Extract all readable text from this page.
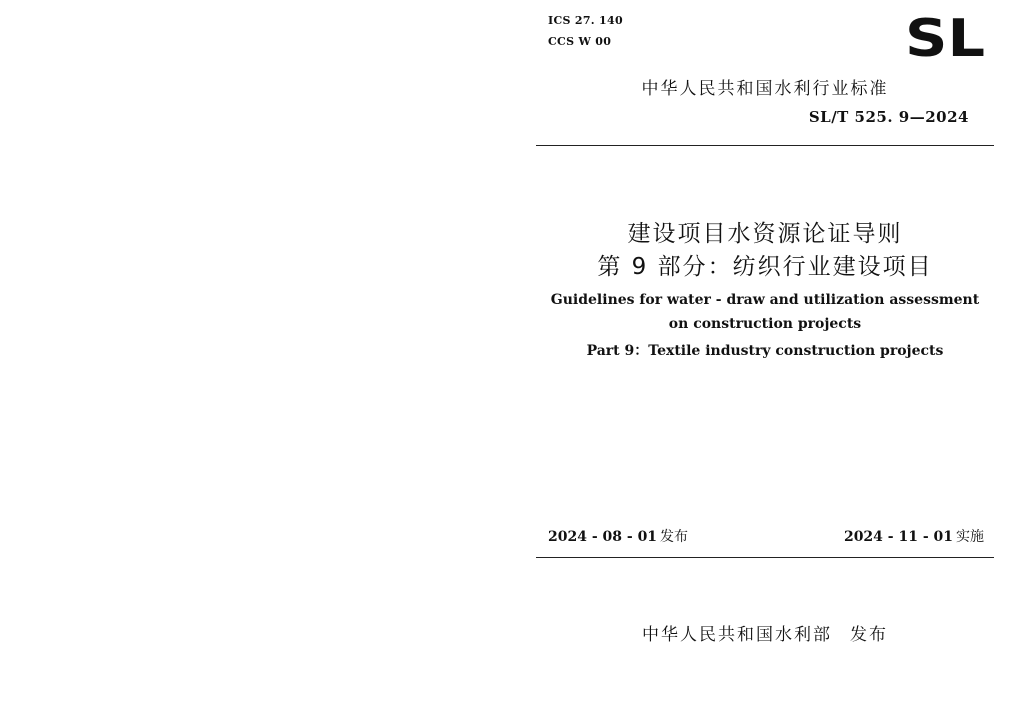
ICS 27. 140
CCS W 00	SL
中华人民共和国水利行业标准
SL/T 525. 9—2024
建设项目水资源论证导则
第 9 部分：纺织行业建设项目
Guidelines for water - draw and utilization assessment
on construction projects
Part 9：Textile industry construction projects
2024 - 08 - 01 发布	2024 - 11 - 01 实施
中华人民共和国水利部 发布
